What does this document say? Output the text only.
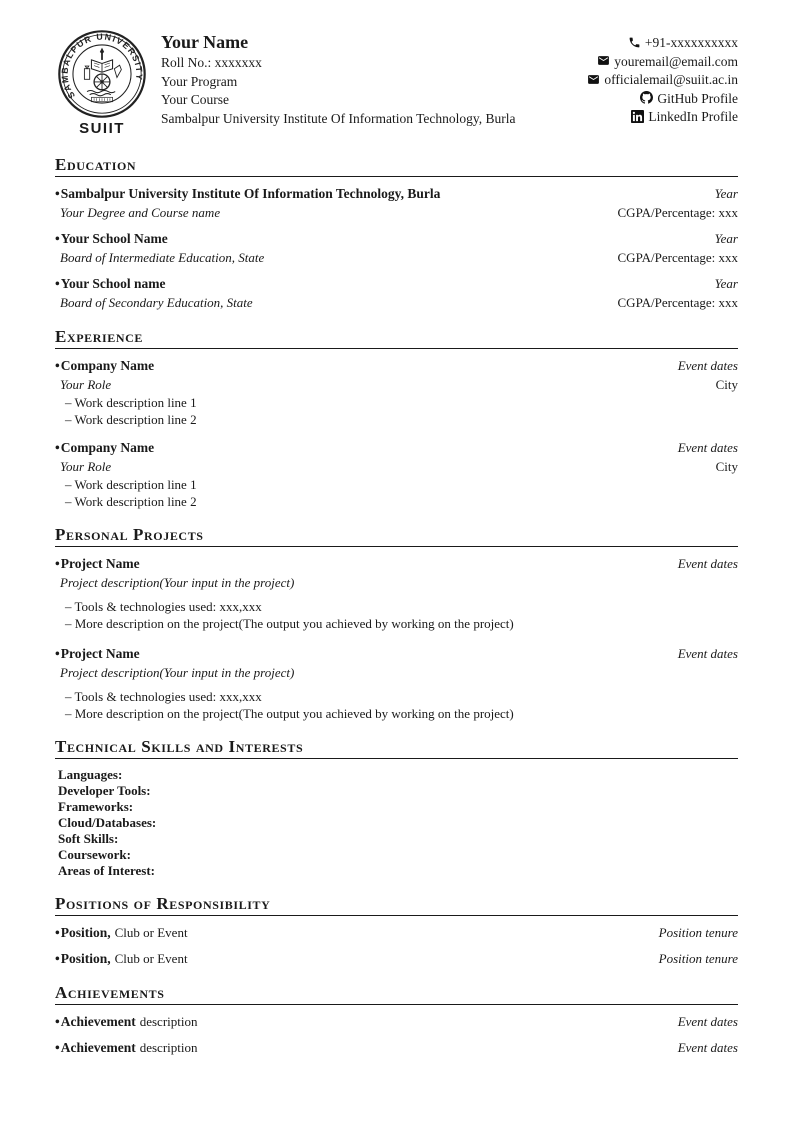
SAMBALPUR UNIVERSITY
SUIIT
Your Name
Roll No.: xxxxxxx
Your Program
Your Course
Sambalpur University Institute Of Information Technology, Burla
+91-xxxxxxxxxx
youremail@email.com
officialemail@suiit.ac.in
GitHub Profile
LinkedIn Profile
Education
• Sambalpur University Institute Of Information Technology, Burla	Year
Your Degree and Course name	CGPA/Percentage: xxx
• Your School Name	Year
Board of Intermediate Education, State	CGPA/Percentage: xxx
• Your School name	Year
Board of Secondary Education, State	CGPA/Percentage: xxx
Experience
• Company Name	Event dates
Your Role	City
– Work description line 1
– Work description line 2
• Company Name	Event dates
Your Role	City
– Work description line 1
– Work description line 2
Personal Projects
• Project Name	Event dates
Project description(Your input in the project)
– Tools & technologies used: xxx,xxx
– More description on the project(The output you achieved by working on the project)
• Project Name	Event dates
Project description(Your input in the project)
– Tools & technologies used: xxx,xxx
– More description on the project(The output you achieved by working on the project)
Technical Skills and Interests
Languages:
Developer Tools:
Frameworks:
Cloud/Databases:
Soft Skills:
Coursework:
Areas of Interest:
Positions of Responsibility
• Position, Club or Event	Position tenure
• Position, Club or Event	Position tenure
Achievements
• Achievement description	Event dates
• Achievement description	Event dates
